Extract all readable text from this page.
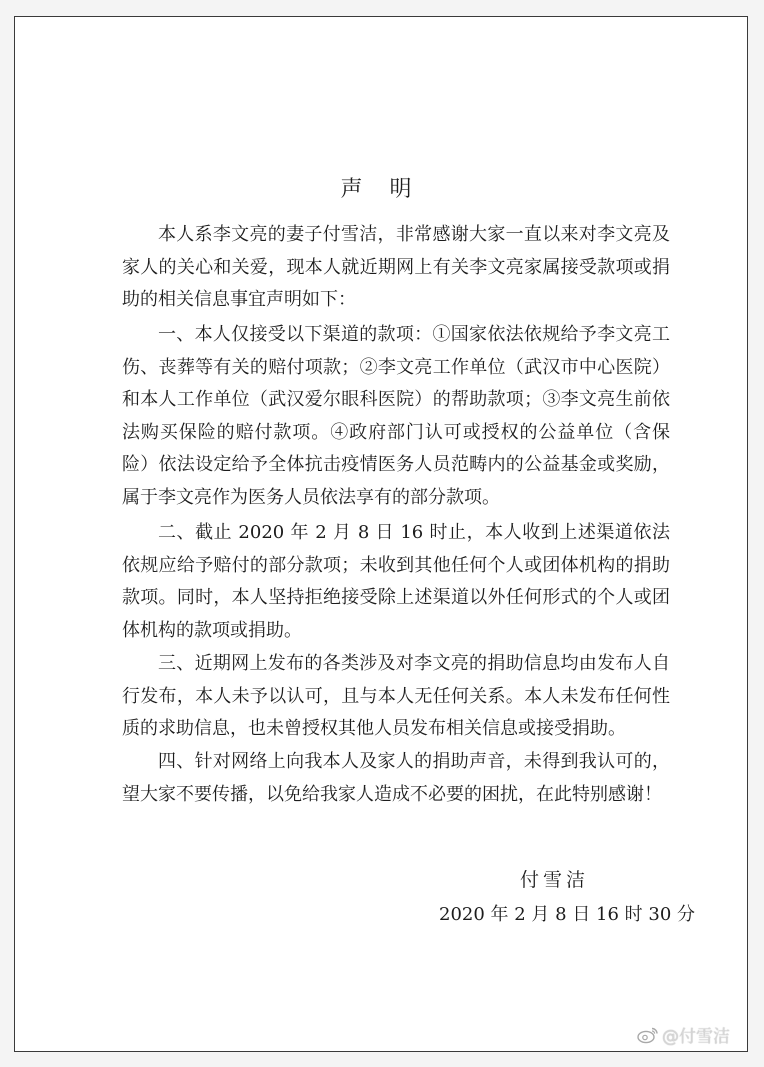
声 明

本人系李文亮的妻子付雪洁，非常感谢大家一直以来对李文亮及家人的关心和关爱，现本人就近期网上有关李文亮家属接受款项或捐助的相关信息事宜声明如下：

一、本人仅接受以下渠道的款项：①国家依法依规给予李文亮工伤、丧葬等有关的赔付项款；②李文亮工作单位（武汉市中心医院）和本人工作单位（武汉爱尔眼科医院）的帮助款项；③李文亮生前依法购买保险的赔付款项。④政府部门认可或授权的公益单位（含保险）依法设定给予全体抗击疫情医务人员范畴内的公益基金或奖励，属于李文亮作为医务人员依法享有的部分款项。

二、截止 2020 年 2 月 8 日 16 时止，本人收到上述渠道依法依规应给予赔付的部分款项；未收到其他任何个人或团体机构的捐助款项。同时，本人坚持拒绝接受除上述渠道以外任何形式的个人或团体机构的款项或捐助。

三、近期网上发布的各类涉及对李文亮的捐助信息均由发布人自行发布，本人未予以认可，且与本人无任何关系。本人未发布任何性质的求助信息，也未曾授权其他人员发布相关信息或接受捐助。

四、针对网络上向我本人及家人的捐助声音，未得到我认可的，望大家不要传播，以免给我家人造成不必要的困扰，在此特别感谢！

付雪洁
2020 年 2 月 8 日 16 时 30 分
@付雪洁
